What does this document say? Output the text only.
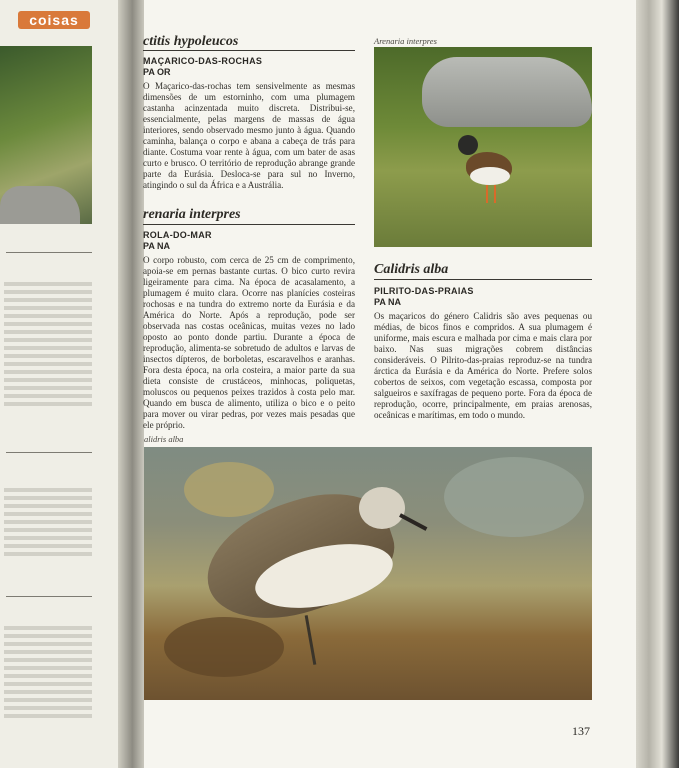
coisas
ctitis hypoleucos
MAÇARICO-DAS-ROCHAS
PA OR

O Maçarico-das-rochas tem sensivelmente as mesmas dimensões de um estorninho, com uma plumagem castanha acinzentada muito discreta. Distribui-se, essencialmente, pelas margens de massas de água interiores, sendo observado mesmo junto à água. Quando caminha, balança o corpo e abana a cabeça de trás para diante. Costuma voar rente à água, com um bater de asas curto e brusco. O território de reprodução abrange grande parte da Eurásia. Desloca-se para sul no Inverno, atingindo o sul da África e a Austrália.

renaria interpres
ROLA-DO-MAR
PA NA

O corpo robusto, com cerca de 25 cm de comprimento, apoia-se em pernas bastante curtas. O bico curto revira ligeiramente para cima. Na época de acasalamento, a plumagem é muito clara. Ocorre nas planícies costeiras rochosas e na tundra do extremo norte da Eurásia e da América do Norte. Após a reprodução, pode ser observada nas costas oceânicas, muitas vezes no lado oposto ao ponto donde partiu. Durante a época de reprodução, alimenta-se sobretudo de adultos e larvas de insectos dípteros, de borboletas, escaravelhos e aranhas. Fora desta época, na orla costeira, a maior parte da sua dieta consiste de crustáceos, minhocas, poliquetas, moluscos ou pequenos peixes trazidos à costa pelo mar. Quando em busca de alimento, utiliza o bico e o peito para mover ou virar pedras, por vezes mais pesadas que ele próprio.

Arenaria interpres
Calidris alba
PILRITO-DAS-PRAIAS
PA NA

Os maçaricos do género Calidris são aves pequenas ou médias, de bicos finos e compridos. A sua plumagem é uniforme, mais escura e malhada por cima e mais clara por baixo. Nas suas migrações cobrem distâncias consideráveis. O Pilrito-das-praias reproduz-se na tundra árctica da Eurásia e da América do Norte. Prefere solos cobertos de seixos, com vegetação escassa, composta por salgueiros e saxífragas de pequeno porte. Fora da época de reprodução, ocorre, principalmente, em praias arenosas, oceânicas e marítimas, em todo o mundo.

alidris alba
137
